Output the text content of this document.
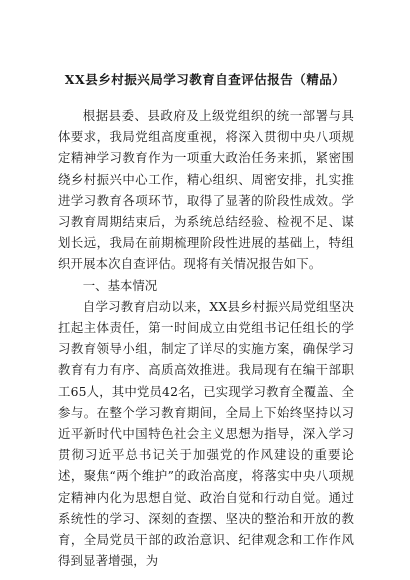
XX县乡村振兴局学习教育自查评估报告（精品）

根据县委、县政府及上级党组织的统一部署与具体要求，我局党组高度重视，将深入贯彻中央八项规定精神学习教育作为一项重大政治任务来抓，紧密围绕乡村振兴中心工作，精心组织、周密安排，扎实推进学习教育各项环节，取得了显著的阶段性成效。学习教育周期结束后，为系统总结经验、检视不足、谋划长远，我局在前期梳理阶段性进展的基础上，特组织开展本次自查评估。现将有关情况报告如下。

一、基本情况

自学习教育启动以来，XX县乡村振兴局党组坚决扛起主体责任，第一时间成立由党组书记任组长的学习教育领导小组，制定了详尽的实施方案，确保学习教育有力有序、高质高效推进。我局现有在编干部职工65人，其中党员42名，已实现学习教育全覆盖、全参与。在整个学习教育期间，全局上下始终坚持以习近平新时代中国特色社会主义思想为指导，深入学习贯彻习近平总书记关于加强党的作风建设的重要论述，聚焦“两个维护”的政治高度，将落实中央八项规定精神内化为思想自觉、政治自觉和行动自觉。通过系统性的学习、深刻的查摆、坚决的整治和开放的教育，全局党员干部的政治意识、纪律观念和工作作风得到显著增强，为
